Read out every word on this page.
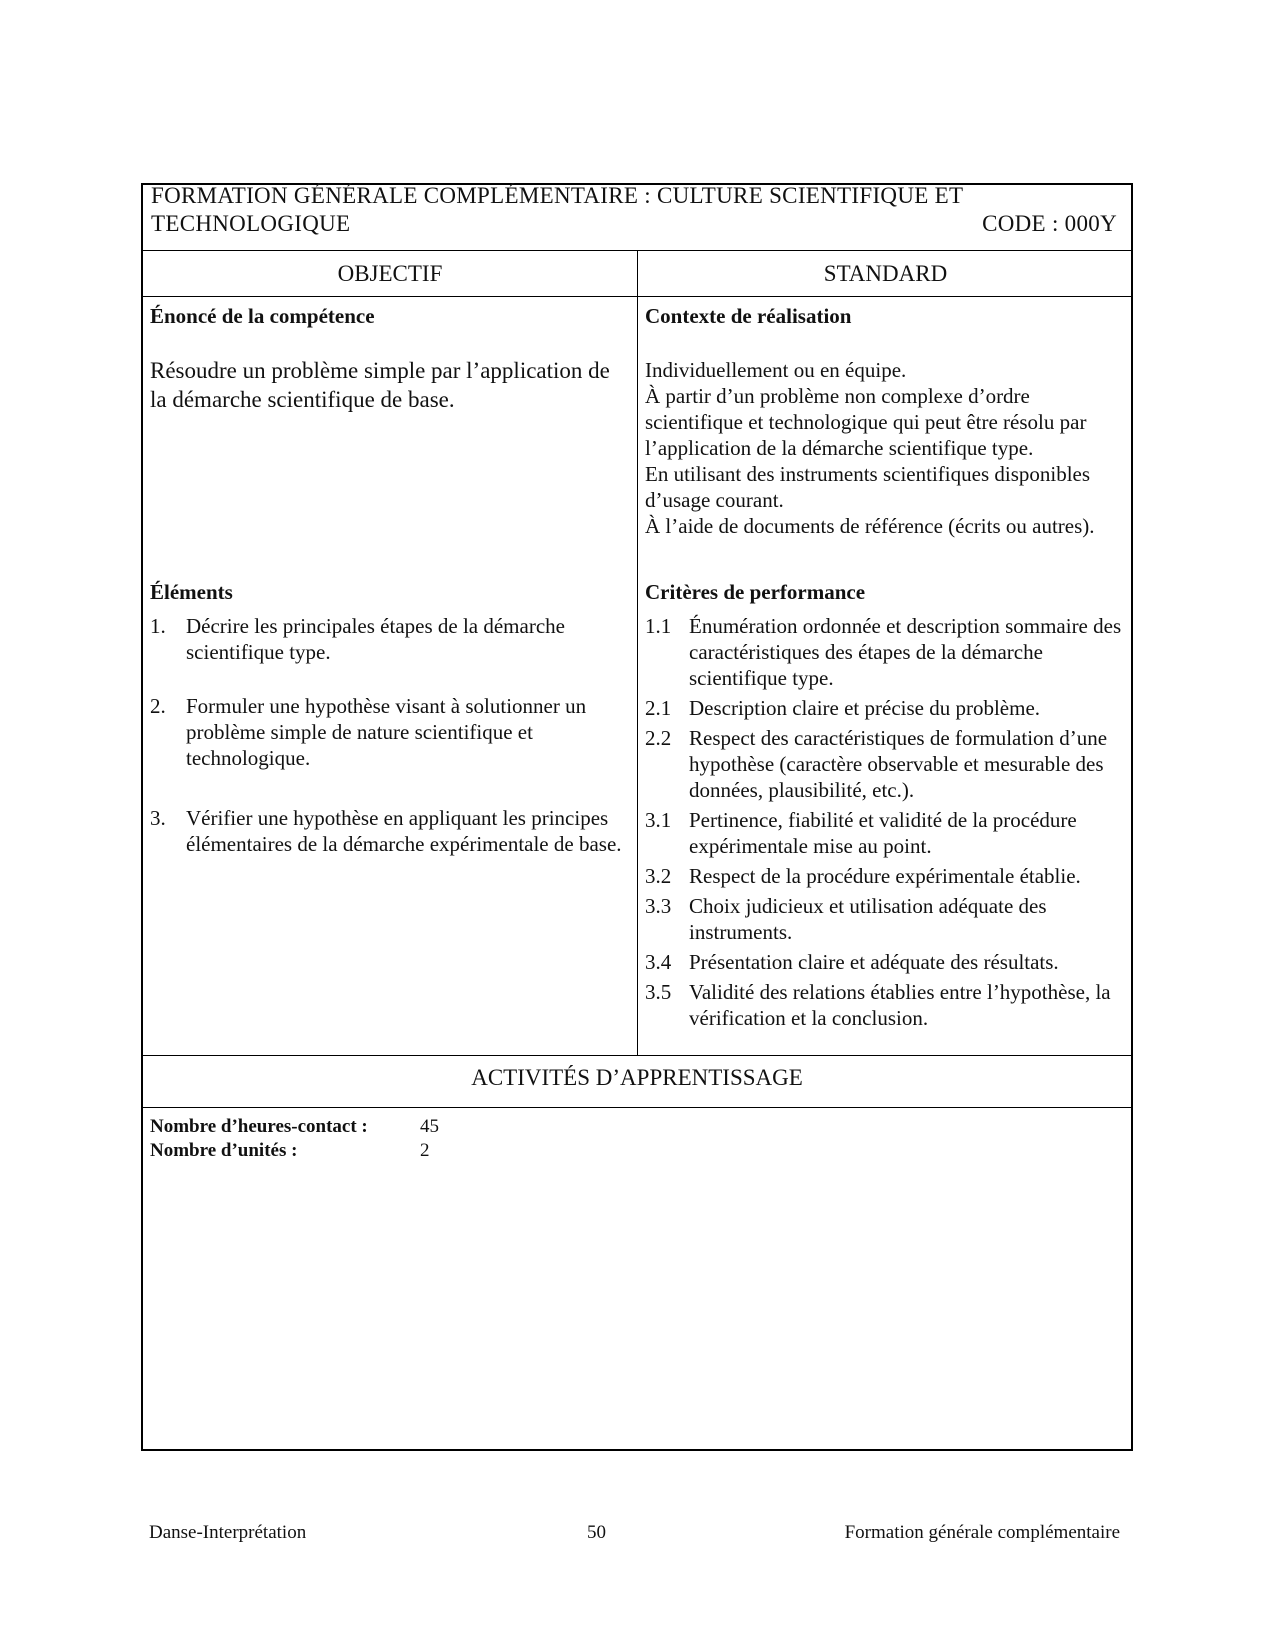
FORMATION GÉNÉRALE COMPLÉMENTAIRE : CULTURE SCIENTIFIQUE ET TECHNOLOGIQUE	CODE : 000Y
OBJECTIF	STANDARD
Énoncé de la compétence
Résoudre un problème simple par l’application de la démarche scientifique de base.
Éléments
1. Décrire les principales étapes de la démarche scientifique type.
2. Formuler une hypothèse visant à solutionner un problème simple de nature scientifique et technologique.
3. Vérifier une hypothèse en appliquant les principes élémentaires de la démarche expérimentale de base.
Contexte de réalisation
Individuellement ou en équipe.
À partir d’un problème non complexe d’ordre scientifique et technologique qui peut être résolu par l’application de la démarche scientifique type.
En utilisant des instruments scientifiques disponibles d’usage courant.
À l’aide de documents de référence (écrits ou autres).
Critères de performance
1.1 Énumération ordonnée et description sommaire des caractéristiques des étapes de la démarche scientifique type.
2.1 Description claire et précise du problème.
2.2 Respect des caractéristiques de formulation d’une hypothèse (caractère observable et mesurable des données, plausibilité, etc.).
3.1 Pertinence, fiabilité et validité de la procédure expérimentale mise au point.
3.2 Respect de la procédure expérimentale établie.
3.3 Choix judicieux et utilisation adéquate des instruments.
3.4 Présentation claire et adéquate des résultats.
3.5 Validité des relations établies entre l’hypothèse, la vérification et la conclusion.
ACTIVITÉS D’APPRENTISSAGE
Nombre d’heures-contact :	45
Nombre d’unités :	2
Danse-Interprétation	50	Formation générale complémentaire
